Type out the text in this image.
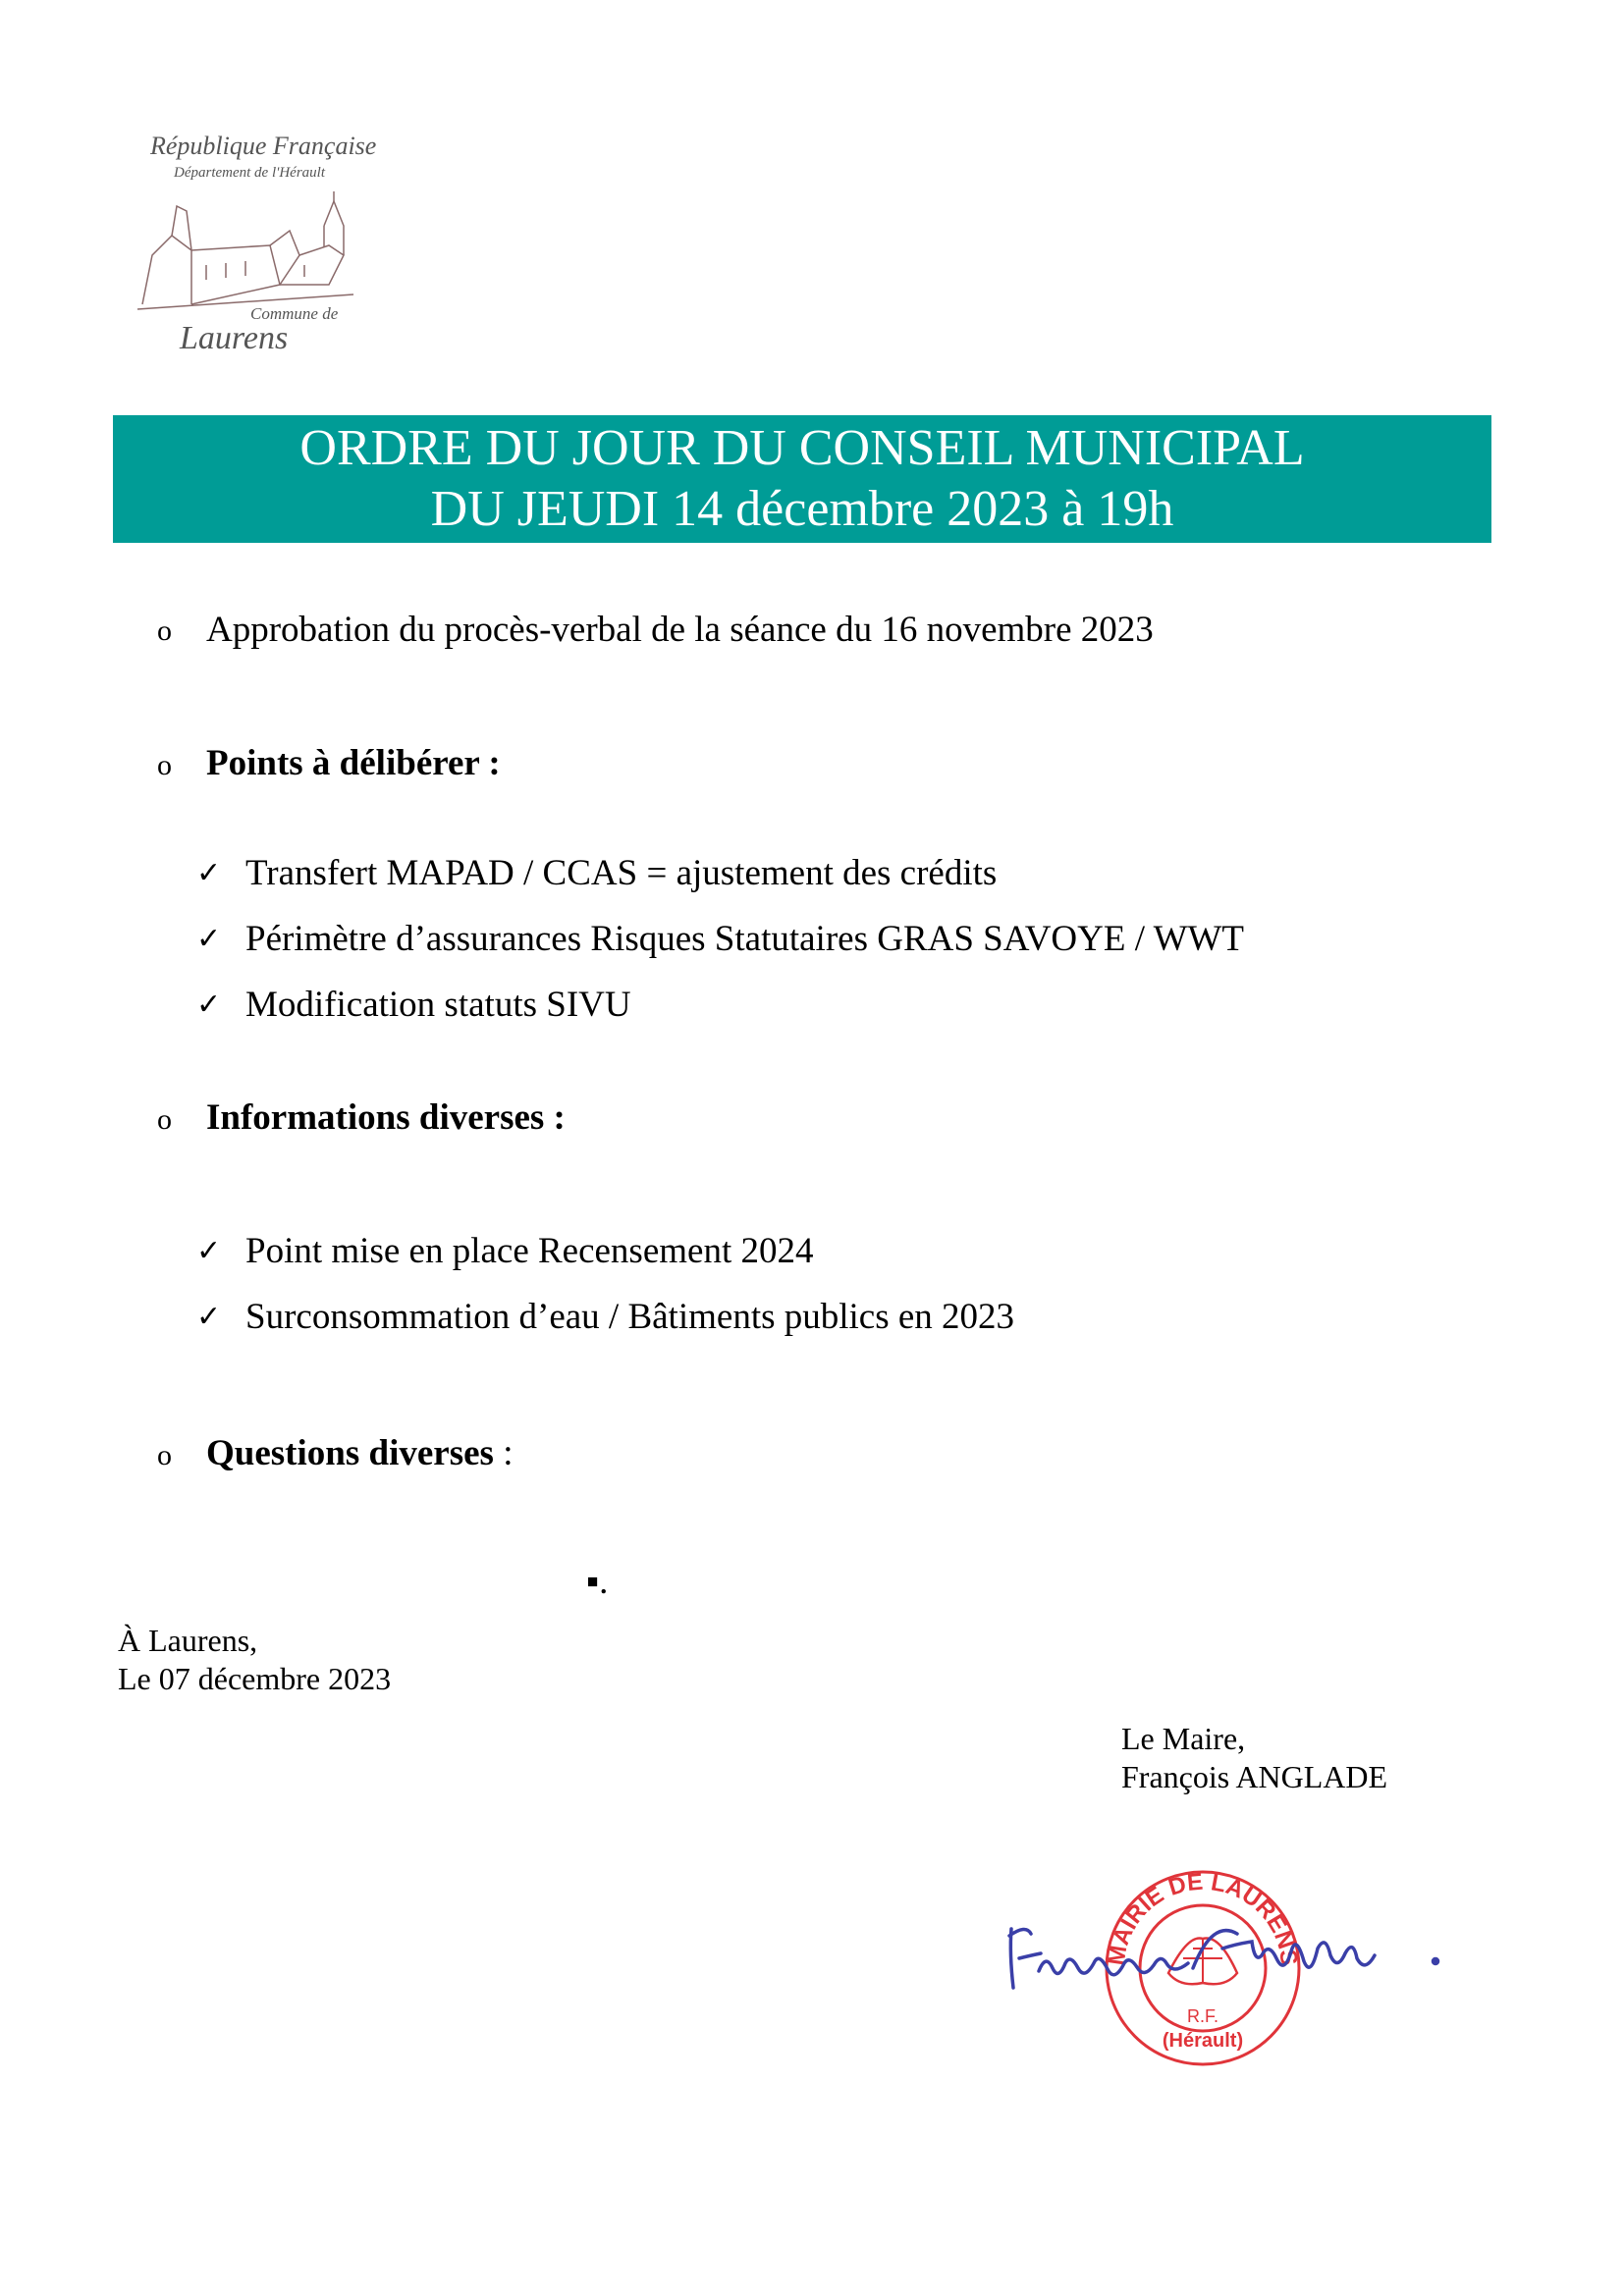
République Française
Département de l'Hérault
Commune de
Laurens
ORDRE DU JOUR DU CONSEIL MUNICIPAL
DU JEUDI 14 décembre 2023 à 19h
o Approbation du procès-verbal de la séance du 16 novembre 2023
o Points à délibérer :
✓ Transfert MAPAD / CCAS = ajustement des crédits
✓ Périmètre d’assurances Risques Statutaires GRAS SAVOYE / WWT
✓ Modification statuts SIVU
o Informations diverses :
✓ Point mise en place Recensement 2024
✓ Surconsommation d’eau / Bâtiments publics en 2023
o Questions diverses :
▪.
À Laurens,
Le 07 décembre 2023
Le Maire,
François ANGLADE
MAIRIE DE LAURENS
R.F.
(Hérault)
